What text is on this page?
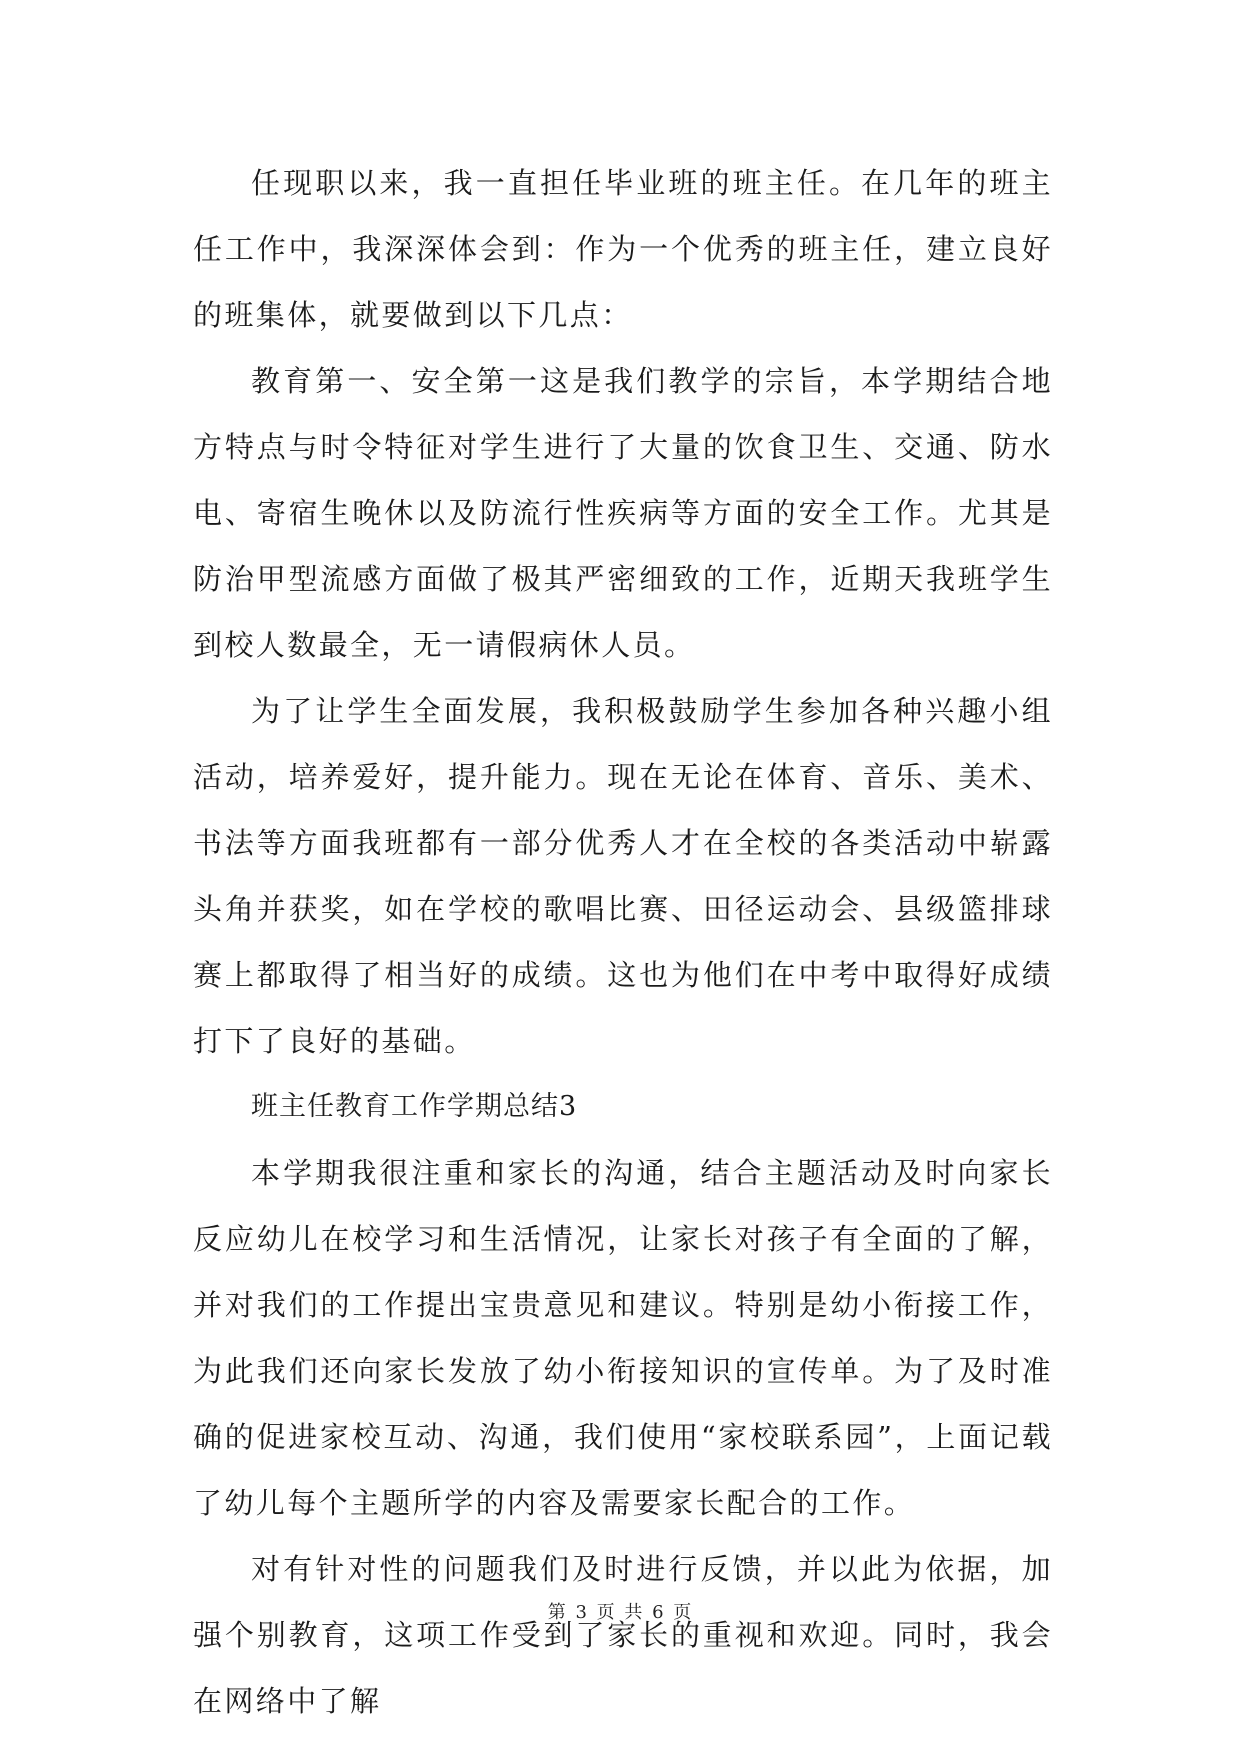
任现职以来，我一直担任毕业班的班主任。在几年的班主任工作中，我深深体会到：作为一个优秀的班主任，建立良好的班集体，就要做到以下几点：

教育第一、安全第一这是我们教学的宗旨，本学期结合地方特点与时令特征对学生进行了大量的饮食卫生、交通、防水电、寄宿生晚休以及防流行性疾病等方面的安全工作。尤其是防治甲型流感方面做了极其严密细致的工作，近期天我班学生到校人数最全，无一请假病休人员。

为了让学生全面发展，我积极鼓励学生参加各种兴趣小组活动，培养爱好，提升能力。现在无论在体育、音乐、美术、书法等方面我班都有一部分优秀人才在全校的各类活动中崭露头角并获奖，如在学校的歌唱比赛、田径运动会、县级篮排球赛上都取得了相当好的成绩。这也为他们在中考中取得好成绩打下了良好的基础。

班主任教育工作学期总结3

本学期我很注重和家长的沟通，结合主题活动及时向家长反应幼儿在校学习和生活情况，让家长对孩子有全面的了解，并对我们的工作提出宝贵意见和建议。特别是幼小衔接工作，为此我们还向家长发放了幼小衔接知识的宣传单。为了及时准确的促进家校互动、沟通，我们使用“家校联系园”，上面记载了幼儿每个主题所学的内容及需要家长配合的工作。

对有针对性的问题我们及时进行反馈，并以此为依据，加强个别教育，这项工作受到了家长的重视和欢迎。同时，我会在网络中了解

第 3 页 共 6 页
